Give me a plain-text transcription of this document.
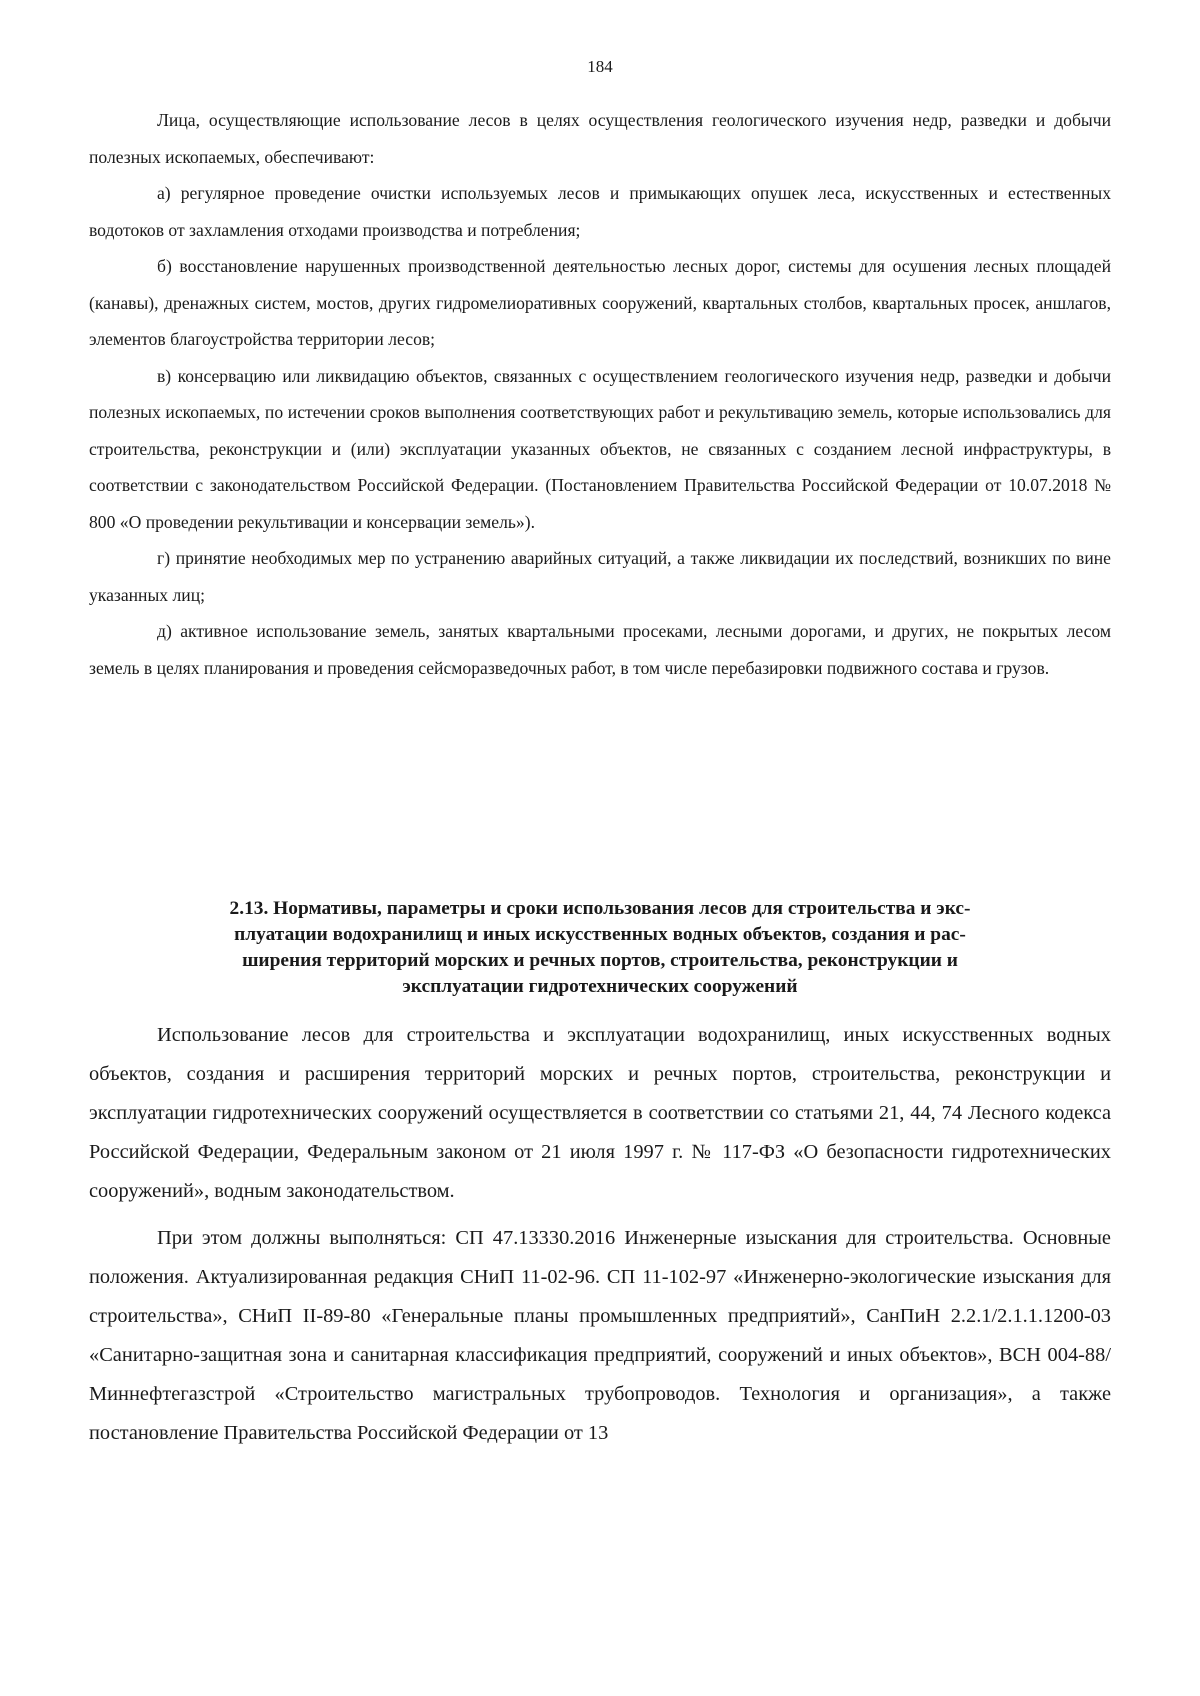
184

Лица, осуществляющие использование лесов в целях осуществления геологического изучения недр, разведки и добычи полезных ископаемых, обеспечивают:

а) регулярное проведение очистки используемых лесов и примыкающих опушек леса, искусственных и естественных водотоков от захламления отходами производства и потребления;

б) восстановление нарушенных производственной деятельностью лесных дорог, системы для осушения лесных площадей (канавы), дренажных систем, мостов, других гидромелиоративных сооружений, квартальных столбов, квартальных просек, аншлагов, элементов благоустройства территории лесов;

в) консервацию или ликвидацию объектов, связанных с осуществлением геологического изучения недр, разведки и добычи полезных ископаемых, по истечении сроков выполнения соответствующих работ и рекультивацию земель, которые использовались для строительства, реконструкции и (или) эксплуатации указанных объектов, не связанных с созданием лесной инфраструктуры, в соответствии с законодательством Российской Федерации. (Постановлением Правительства Российской Федерации от 10.07.2018 № 800 «О проведении рекультивации и консервации земель»).

г) принятие необходимых мер по устранению аварийных ситуаций, а также ликвидации их последствий, возникших по вине указанных лиц;

д) активное использование земель, занятых квартальными просеками, лесными дорогами, и других, не покрытых лесом земель в целях планирования и проведения сейсморазведочных работ, в том числе перебазировки подвижного состава и грузов.

2.13. Нормативы, параметры и сроки использования лесов для строительства и экс-
плуатации водохранилищ и иных искусственных водных объектов, создания и рас-
ширения территорий морских и речных портов, строительства, реконструкции и
эксплуатации гидротехнических сооружений

Использование лесов для строительства и эксплуатации водохранилищ, иных искусственных водных объектов, создания и расширения территорий морских и речных портов, строительства, реконструкции и эксплуатации гидротехнических сооружений осуществляется в соответствии со статьями 21, 44, 74 Лесного кодекса Российской Федерации, Федеральным законом от 21 июля 1997 г. № 117-ФЗ «О безопасности гидротехнических сооружений», водным законодательством.

При этом должны выполняться: СП 47.13330.2016 Инженерные изыскания для строительства. Основные положения. Актуализированная редакция СНиП 11-02-96. СП 11-102-97 «Инженерно-экологические изыскания для строительства», СНиП II-89-80 «Генеральные планы промышленных предприятий», СанПиН 2.2.1/2.1.1.1200-03 «Санитарно-защитная зона и санитарная классификация предприятий, сооружений и иных объектов», ВСН 004-88/Миннефтегазстрой «Строительство магистральных трубопроводов. Технология и организация», а также постановление Правительства Российской Федерации от 13
